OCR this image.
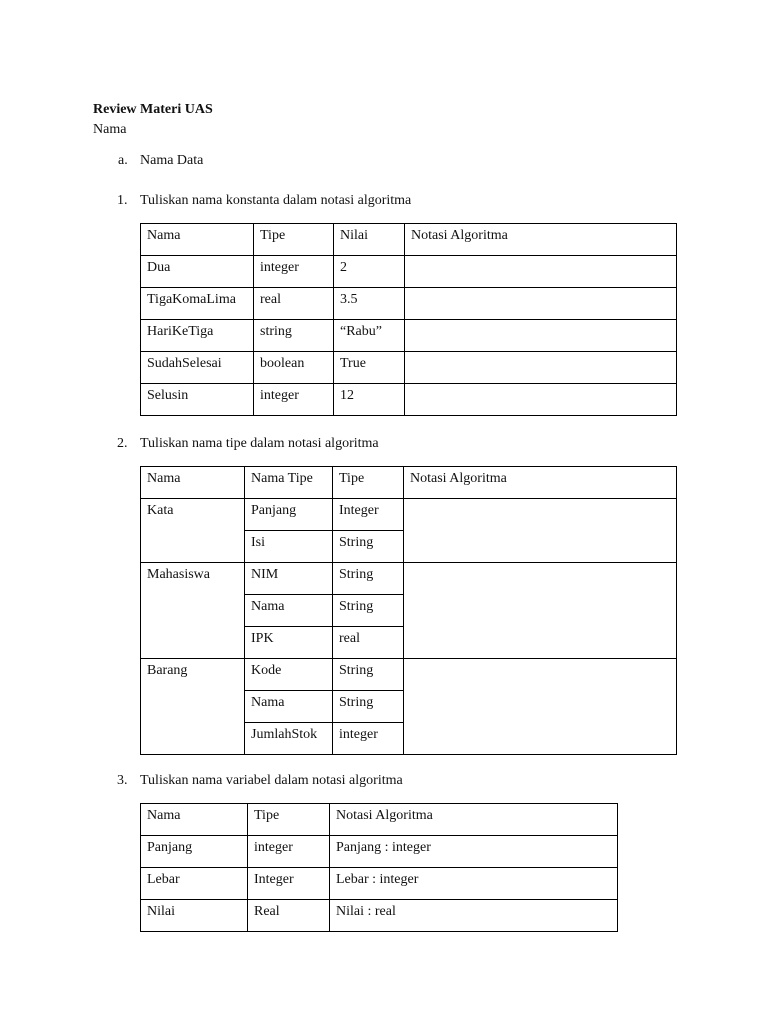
Review Materi UAS
Nama
a. Nama Data
1. Tuliskan nama konstanta dalam notasi algoritma
Nama	Tipe	Nilai	Notasi Algoritma
Dua	integer	2	
TigaKomaLima	real	3.5	
HariKeTiga	string	“Rabu”	
SudahSelesai	boolean	True	
Selusin	integer	12	
2. Tuliskan nama tipe dalam notasi algoritma
Nama	Nama Tipe	Tipe	Notasi Algoritma
Kata	Panjang	Integer	
	Isi	String	
Mahasiswa	NIM	String	
	Nama	String	
	IPK	real	
Barang	Kode	String	
	Nama	String	
	JumlahStok	integer	
3. Tuliskan nama variabel dalam notasi algoritma
Nama	Tipe	Notasi Algoritma
Panjang	integer	Panjang : integer
Lebar	Integer	Lebar : integer
Nilai	Real	Nilai : real
